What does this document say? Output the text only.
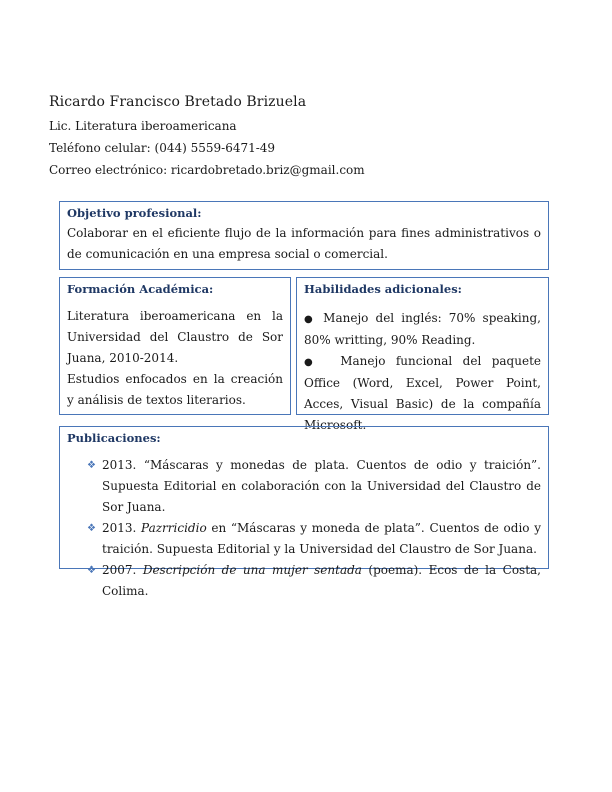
Ricardo Francisco Bretado Brizuela
Lic. Literatura iberoamericana
Teléfono celular: (044) 5559-6471-49
Correo electrónico: ricardobretado.briz@gmail.com
Objetivo profesional:
Colaborar en el eficiente flujo de la información para fines administrativos o de comunicación en una empresa social o comercial.
Formación Académica:
Literatura iberoamericana en la Universidad del Claustro de Sor Juana, 2010-2014.
Estudios enfocados en la creación y análisis de textos literarios.
Habilidades adicionales:
● Manejo del inglés: 70% speaking, 80% writting, 90% Reading.
● Manejo funcional del paquete Office (Word, Excel, Power Point, Acces, Visual Basic) de la compañía Microsoft.
Publicaciones:
❖ 2013. “Máscaras y monedas de plata. Cuentos de odio y traición”. Supuesta Editorial en colaboración con la Universidad del Claustro de Sor Juana.
❖ 2013. Pazrricidio en “Máscaras y moneda de plata”. Cuentos de odio y traición. Supuesta Editorial y la Universidad del Claustro de Sor Juana.
❖ 2007. Descripción de una mujer sentada (poema). Ecos de la Costa, Colima.
